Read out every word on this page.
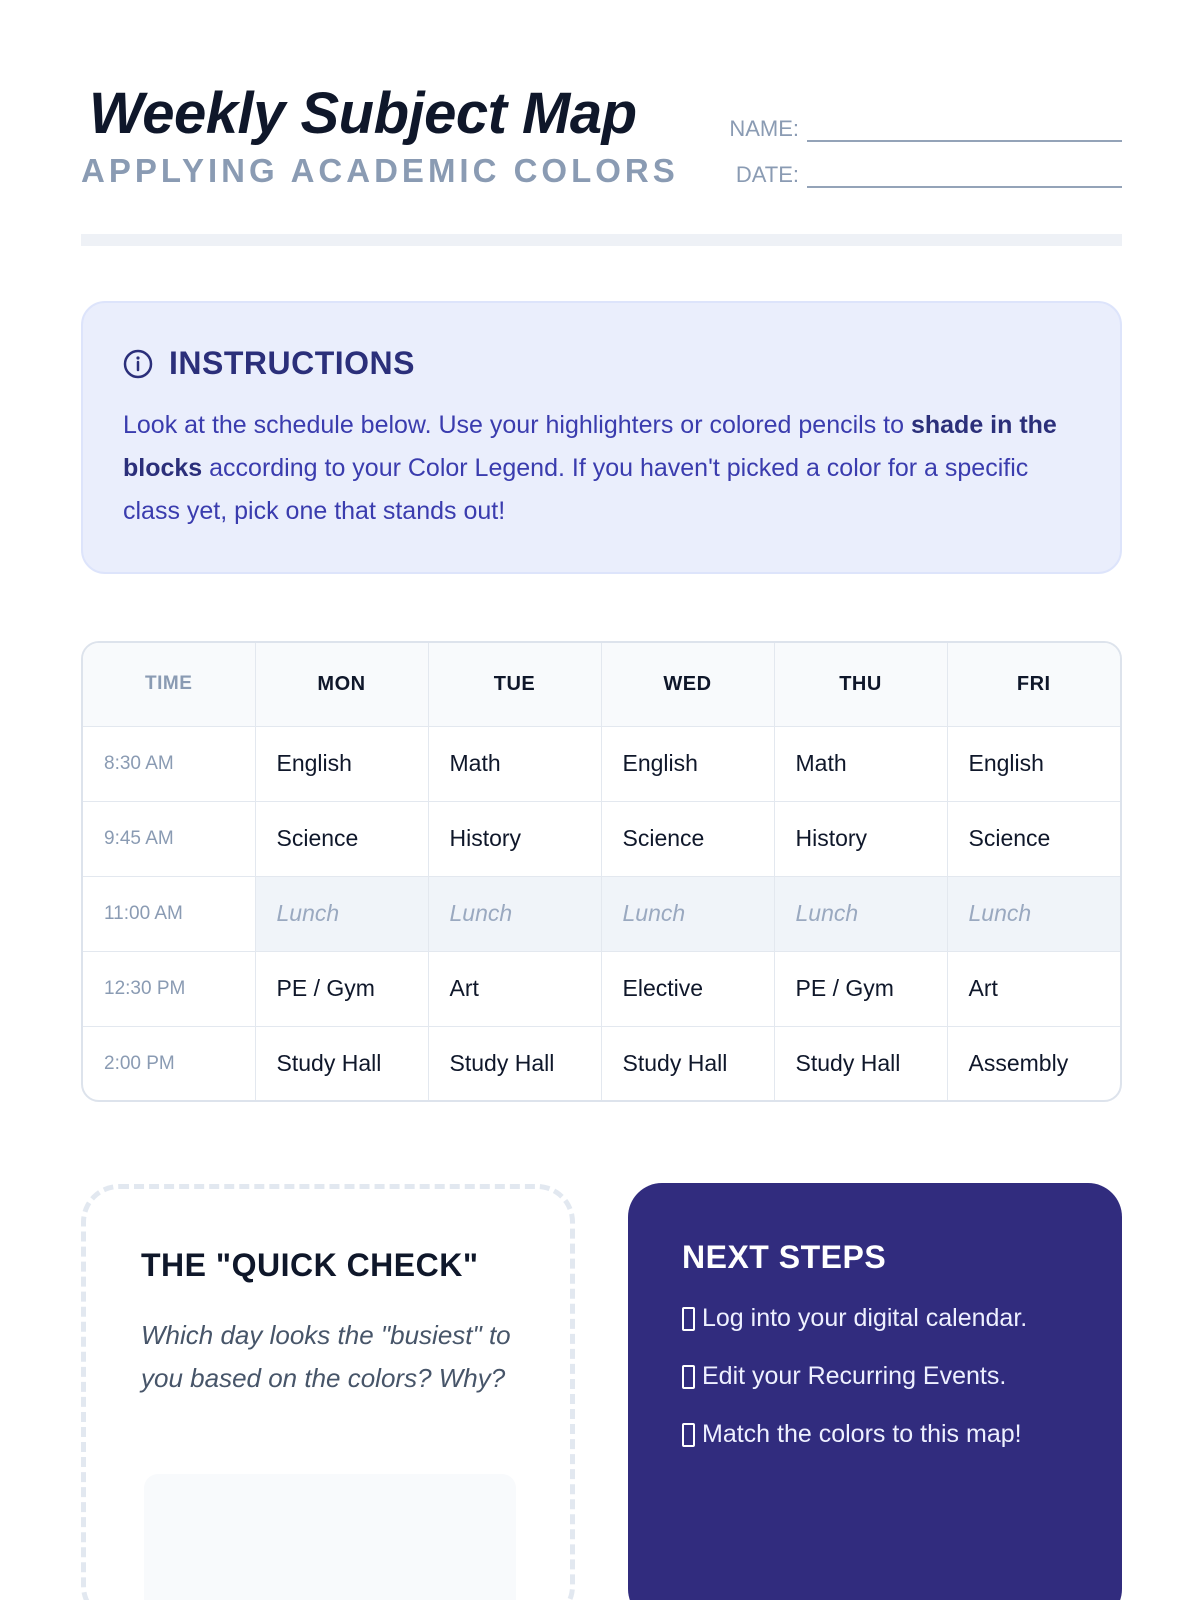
Weekly Subject Map
APPLYING ACADEMIC COLORS
NAME:
DATE:
INSTRUCTIONS

Look at the schedule below. Use your highlighters or colored pencils to shade in the blocks according to your Color Legend. If you haven't picked a color for a specific class yet, pick one that stands out!

TIME	MON	TUE	WED	THU	FRI
8:30 AM	English	Math	English	Math	English
9:45 AM	Science	History	Science	History	Science
11:00 AM	Lunch	Lunch	Lunch	Lunch	Lunch
12:30 PM	PE / Gym	Art	Elective	PE / Gym	Art
2:00 PM	Study Hall	Study Hall	Study Hall	Study Hall	Assembly
THE "QUICK CHECK"

Which day looks the "busiest" to you based on the colors? Why?

NEXT STEPS
Log into your digital calendar.
Edit your Recurring Events.
Match the colors to this map!
